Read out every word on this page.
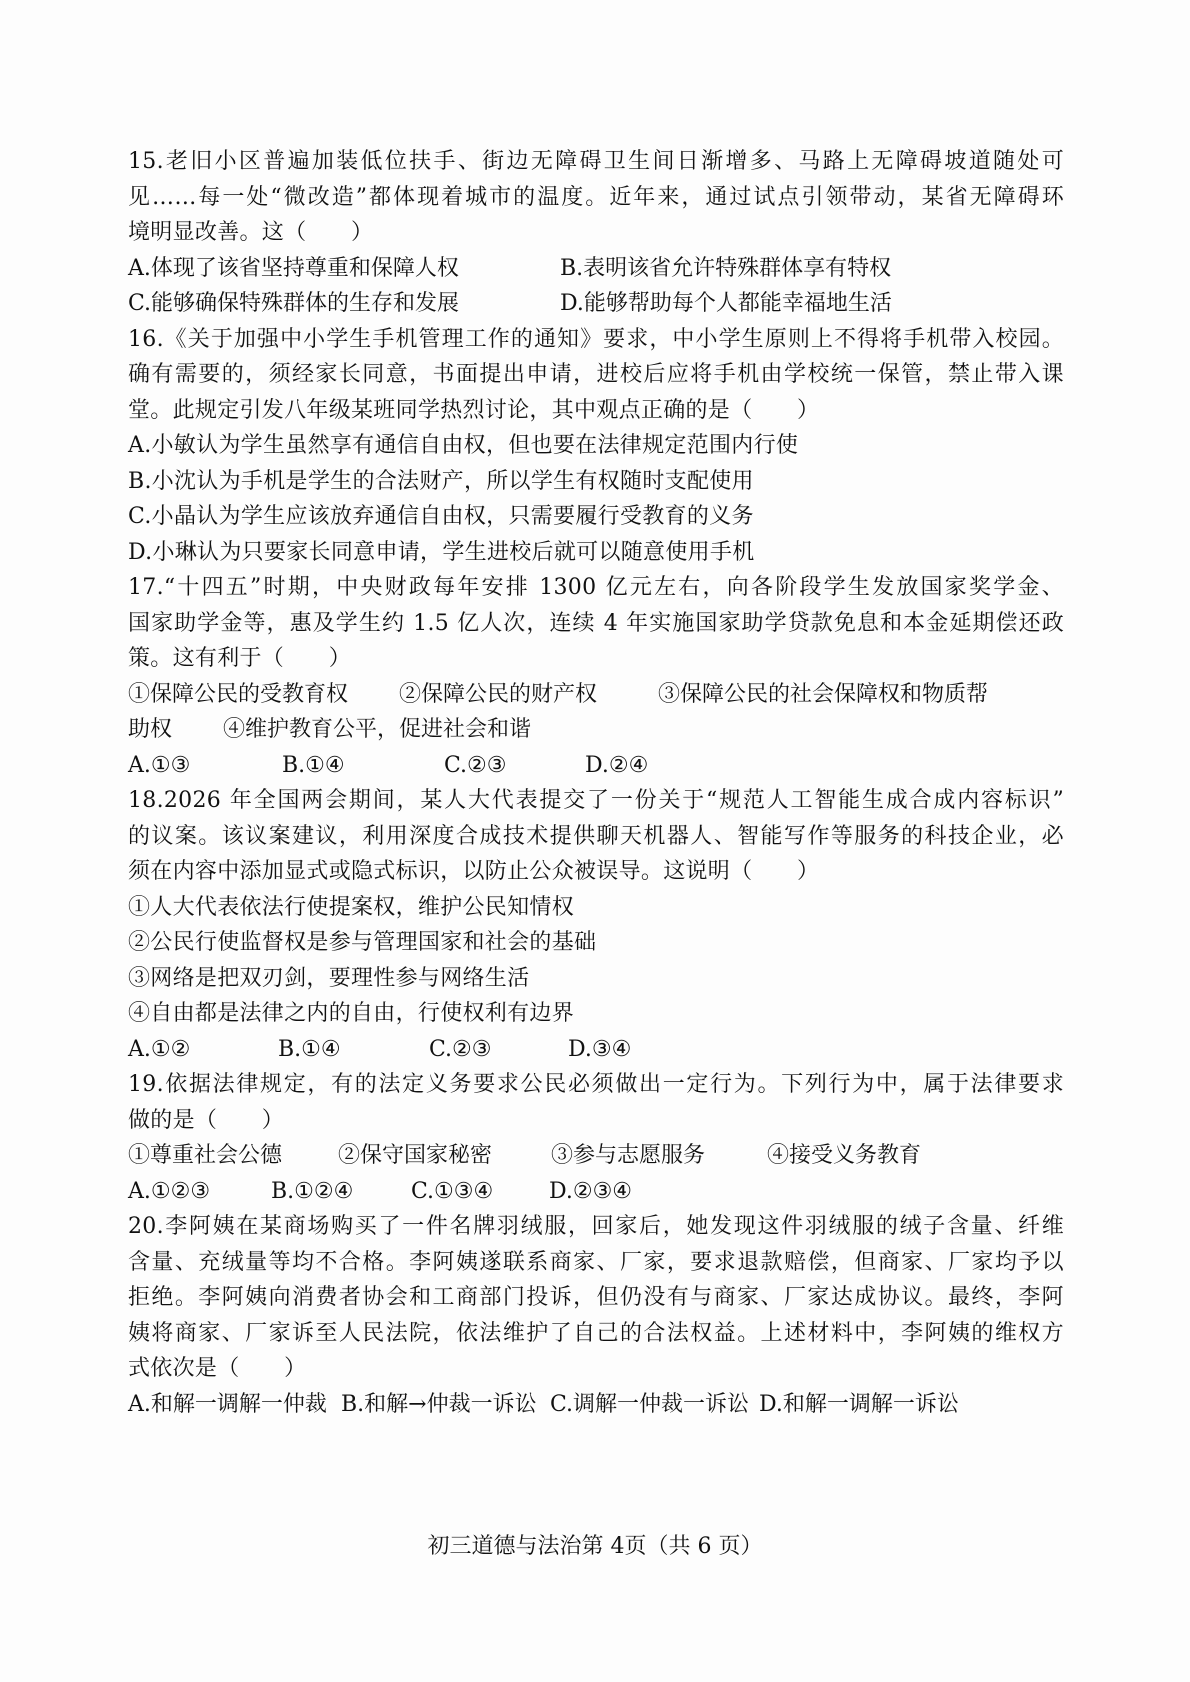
15.老旧小区普遍加装低位扶手、街边无障碍卫生间日渐增多、马路上无障碍坡道随处可
见……每一处“微改造”都体现着城市的温度。近年来，通过试点引领带动，某省无障碍环
境明显改善。这（　　）
A.体现了该省坚持尊重和保障人权	B.表明该省允许特殊群体享有特权
C.能够确保特殊群体的生存和发展	D.能够帮助每个人都能幸福地生活
16.《关于加强中小学生手机管理工作的通知》要求，中小学生原则上不得将手机带入校园。
确有需要的，须经家长同意，书面提出申请，进校后应将手机由学校统一保管，禁止带入课
堂。此规定引发八年级某班同学热烈讨论，其中观点正确的是（　　）
A.小敏认为学生虽然享有通信自由权，但也要在法律规定范围内行使
B.小沈认为手机是学生的合法财产，所以学生有权随时支配使用
C.小晶认为学生应该放弃通信自由权，只需要履行受教育的义务
D.小琳认为只要家长同意申请，学生进校后就可以随意使用手机
17.“十四五”时期，中央财政每年安排 1300 亿元左右，向各阶段学生发放国家奖学金、
国家助学金等，惠及学生约 1.5 亿人次，连续 4 年实施国家助学贷款免息和本金延期偿还政
策。这有利于（　　）
①保障公民的受教育权	②保障公民的财产权	③保障公民的社会保障权和物质帮
助权	④维护教育公平，促进社会和谐
A.①③	B.①④	C.②③	D.②④
18.2026 年全国两会期间，某人大代表提交了一份关于“规范人工智能生成合成内容标识”
的议案。该议案建议，利用深度合成技术提供聊天机器人、智能写作等服务的科技企业，必
须在内容中添加显式或隐式标识，以防止公众被误导。这说明（　　）
①人大代表依法行使提案权，维护公民知情权
②公民行使监督权是参与管理国家和社会的基础
③网络是把双刃剑，要理性参与网络生活
④自由都是法律之内的自由，行使权利有边界
A.①②	B.①④	C.②③	D.③④
19.依据法律规定，有的法定义务要求公民必须做出一定行为。下列行为中，属于法律要求
做的是（　　）
①尊重社会公德	②保守国家秘密	③参与志愿服务	④接受义务教育
A.①②③	B.①②④	C.①③④	D.②③④
20.李阿姨在某商场购买了一件名牌羽绒服，回家后，她发现这件羽绒服的绒子含量、纤维
含量、充绒量等均不合格。李阿姨遂联系商家、厂家，要求退款赔偿，但商家、厂家均予以
拒绝。李阿姨向消费者协会和工商部门投诉，但仍没有与商家、厂家达成协议。最终，李阿
姨将商家、厂家诉至人民法院，依法维护了自己的合法权益。上述材料中，李阿姨的维权方
式依次是（　　）
A.和解一调解一仲裁 B.和解→仲裁一诉讼 C.调解一仲裁一诉讼 D.和解一调解一诉讼
初三道德与法治第 4页（共 6 页）
